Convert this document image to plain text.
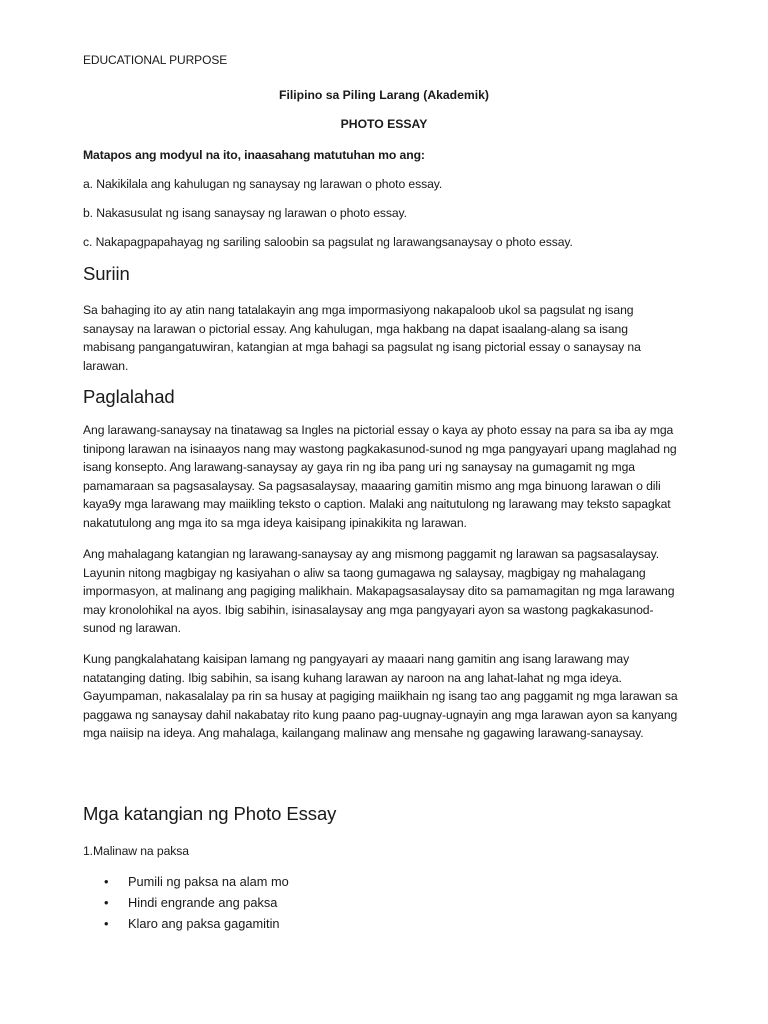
EDUCATIONAL PURPOSE
Filipino sa Piling Larang (Akademik)
PHOTO ESSAY
Matapos ang modyul na ito, inaasahang matutuhan mo ang:
a. Nakikilala ang kahulugan ng sanaysay ng larawan o photo essay.
b. Nakasusulat ng isang sanaysay ng larawan o photo essay.
c. Nakapagpapahayag ng sariling saloobin sa pagsulat ng larawangsanaysay o photo essay.
Suriin
Sa bahaging ito ay atin nang tatalakayin ang mga impormasiyong nakapaloob ukol sa pagsulat ng isang sanaysay na larawan o pictorial essay. Ang kahulugan, mga hakbang na dapat isaalang-alang sa isang mabisang pangangatuwiran, katangian at mga bahagi sa pagsulat ng isang pictorial essay o sanaysay na larawan.
Paglalahad
Ang larawang-sanaysay na tinatawag sa Ingles na pictorial essay o kaya ay photo essay na para sa iba ay mga tinipong larawan na isinaayos nang may wastong pagkakasunod-sunod ng mga pangyayari upang maglahad ng isang konsepto. Ang larawang-sanaysay ay gaya rin ng iba pang uri ng sanaysay na gumagamit ng mga pamamaraan sa pagsasalaysay. Sa pagsasalaysay, maaaring gamitin mismo ang mga binuong larawan o dili kaya9y mga larawang may maiikling teksto o caption. Malaki ang naitutulong ng larawang may teksto sapagkat nakatutulong ang mga ito sa mga ideya kaisipang ipinakikita ng larawan.
Ang mahalagang katangian ng larawang-sanaysay ay ang mismong paggamit ng larawan sa pagsasalaysay. Layunin nitong magbigay ng kasiyahan o aliw sa taong gumagawa ng salaysay, magbigay ng mahalagang impormasyon, at malinang ang pagiging malikhain. Makapagsasalaysay dito sa pamamagitan ng mga larawang may kronolohikal na ayos. Ibig sabihin, isinasalaysay ang mga pangyayari ayon sa wastong pagkakasunod-sunod ng larawan.
Kung pangkalahatang kaisipan lamang ng pangyayari ay maaari nang gamitin ang isang larawang may natatanging dating. Ibig sabihin, sa isang kuhang larawan ay naroon na ang lahat-lahat ng mga ideya. Gayumpaman, nakasalalay pa rin sa husay at pagiging maiikhain ng isang tao ang paggamit ng mga larawan sa paggawa ng sanaysay dahil nakabatay rito kung paano pag-uugnay-ugnayin ang mga larawan ayon sa kanyang mga naiisip na ideya. Ang mahalaga, kailangang malinaw ang mensahe ng gagawing larawang-sanaysay.
Mga katangian ng Photo Essay
1.Malinaw na paksa
• Pumili ng paksa na alam mo
• Hindi engrande ang paksa
• Klaro ang paksa gagamitin
